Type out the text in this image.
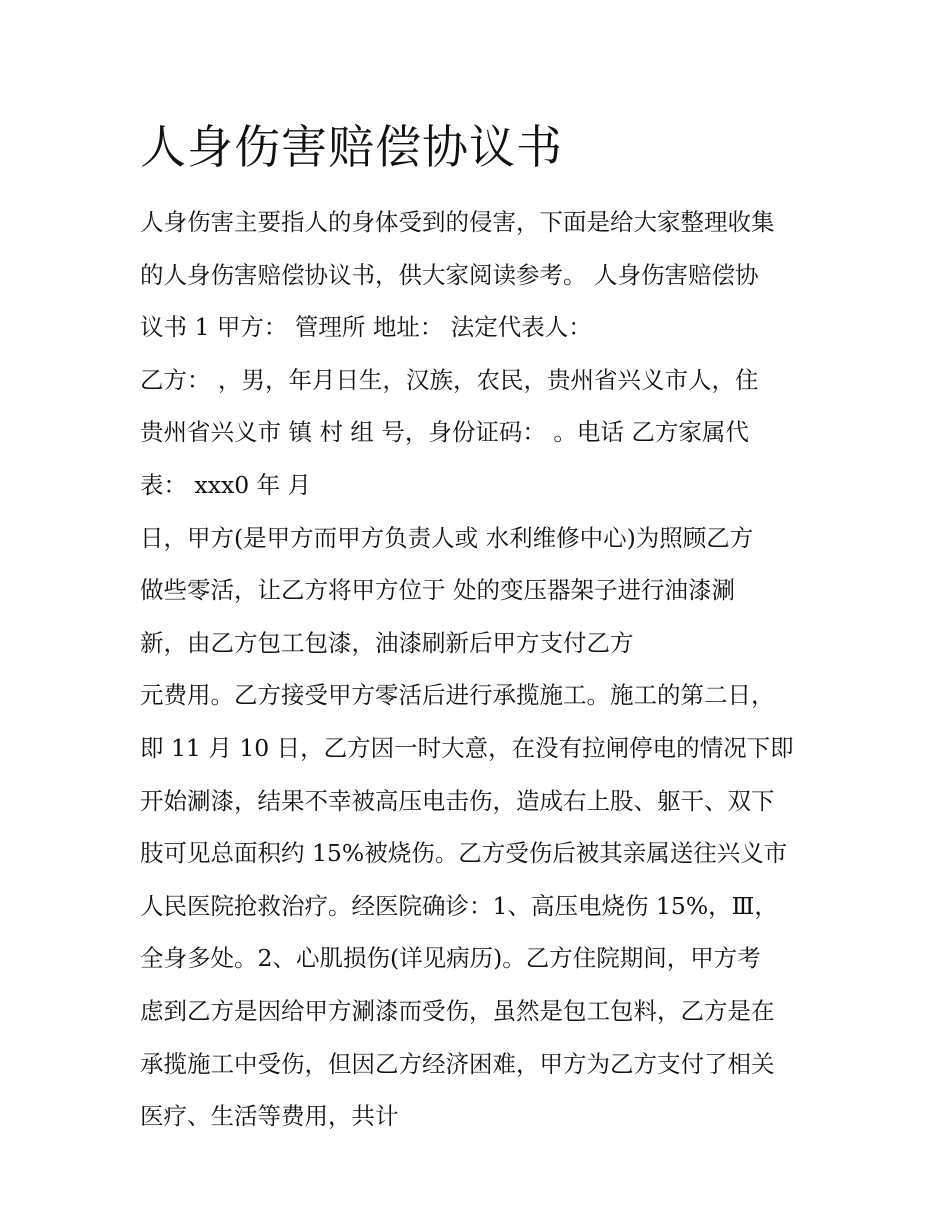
人身伤害赔偿协议书
人身伤害主要指人的身体受到的侵害，下面是给大家整理收集
的人身伤害赔偿协议书，供大家阅读参考。 人身伤害赔偿协
议书 1 甲方： 管理所 地址： 法定代表人：
乙方： ，男，年月日生，汉族，农民，贵州省兴义市人，住
贵州省兴义市 镇 村 组 号，身份证码： 。电话 乙方家属代
表： xxx0 年 月
日，甲方(是甲方而甲方负责人或 水利维修中心)为照顾乙方
做些零活，让乙方将甲方位于 处的变压器架子进行油漆涮
新，由乙方包工包漆，油漆刷新后甲方支付乙方
元费用。乙方接受甲方零活后进行承揽施工。施工的第二日，
即 11 月 10 日，乙方因一时大意，在没有拉闸停电的情况下即
开始涮漆，结果不幸被高压电击伤，造成右上股、躯干、双下
肢可见总面积约 15%被烧伤。乙方受伤后被其亲属送往兴义市
人民医院抢救治疗。经医院确诊：1、高压电烧伤 15%，Ⅲ，
全身多处。2、心肌损伤(详见病历)。乙方住院期间，甲方考
虑到乙方是因给甲方涮漆而受伤，虽然是包工包料，乙方是在
承揽施工中受伤，但因乙方经济困难，甲方为乙方支付了相关
医疗、生活等费用，共计
